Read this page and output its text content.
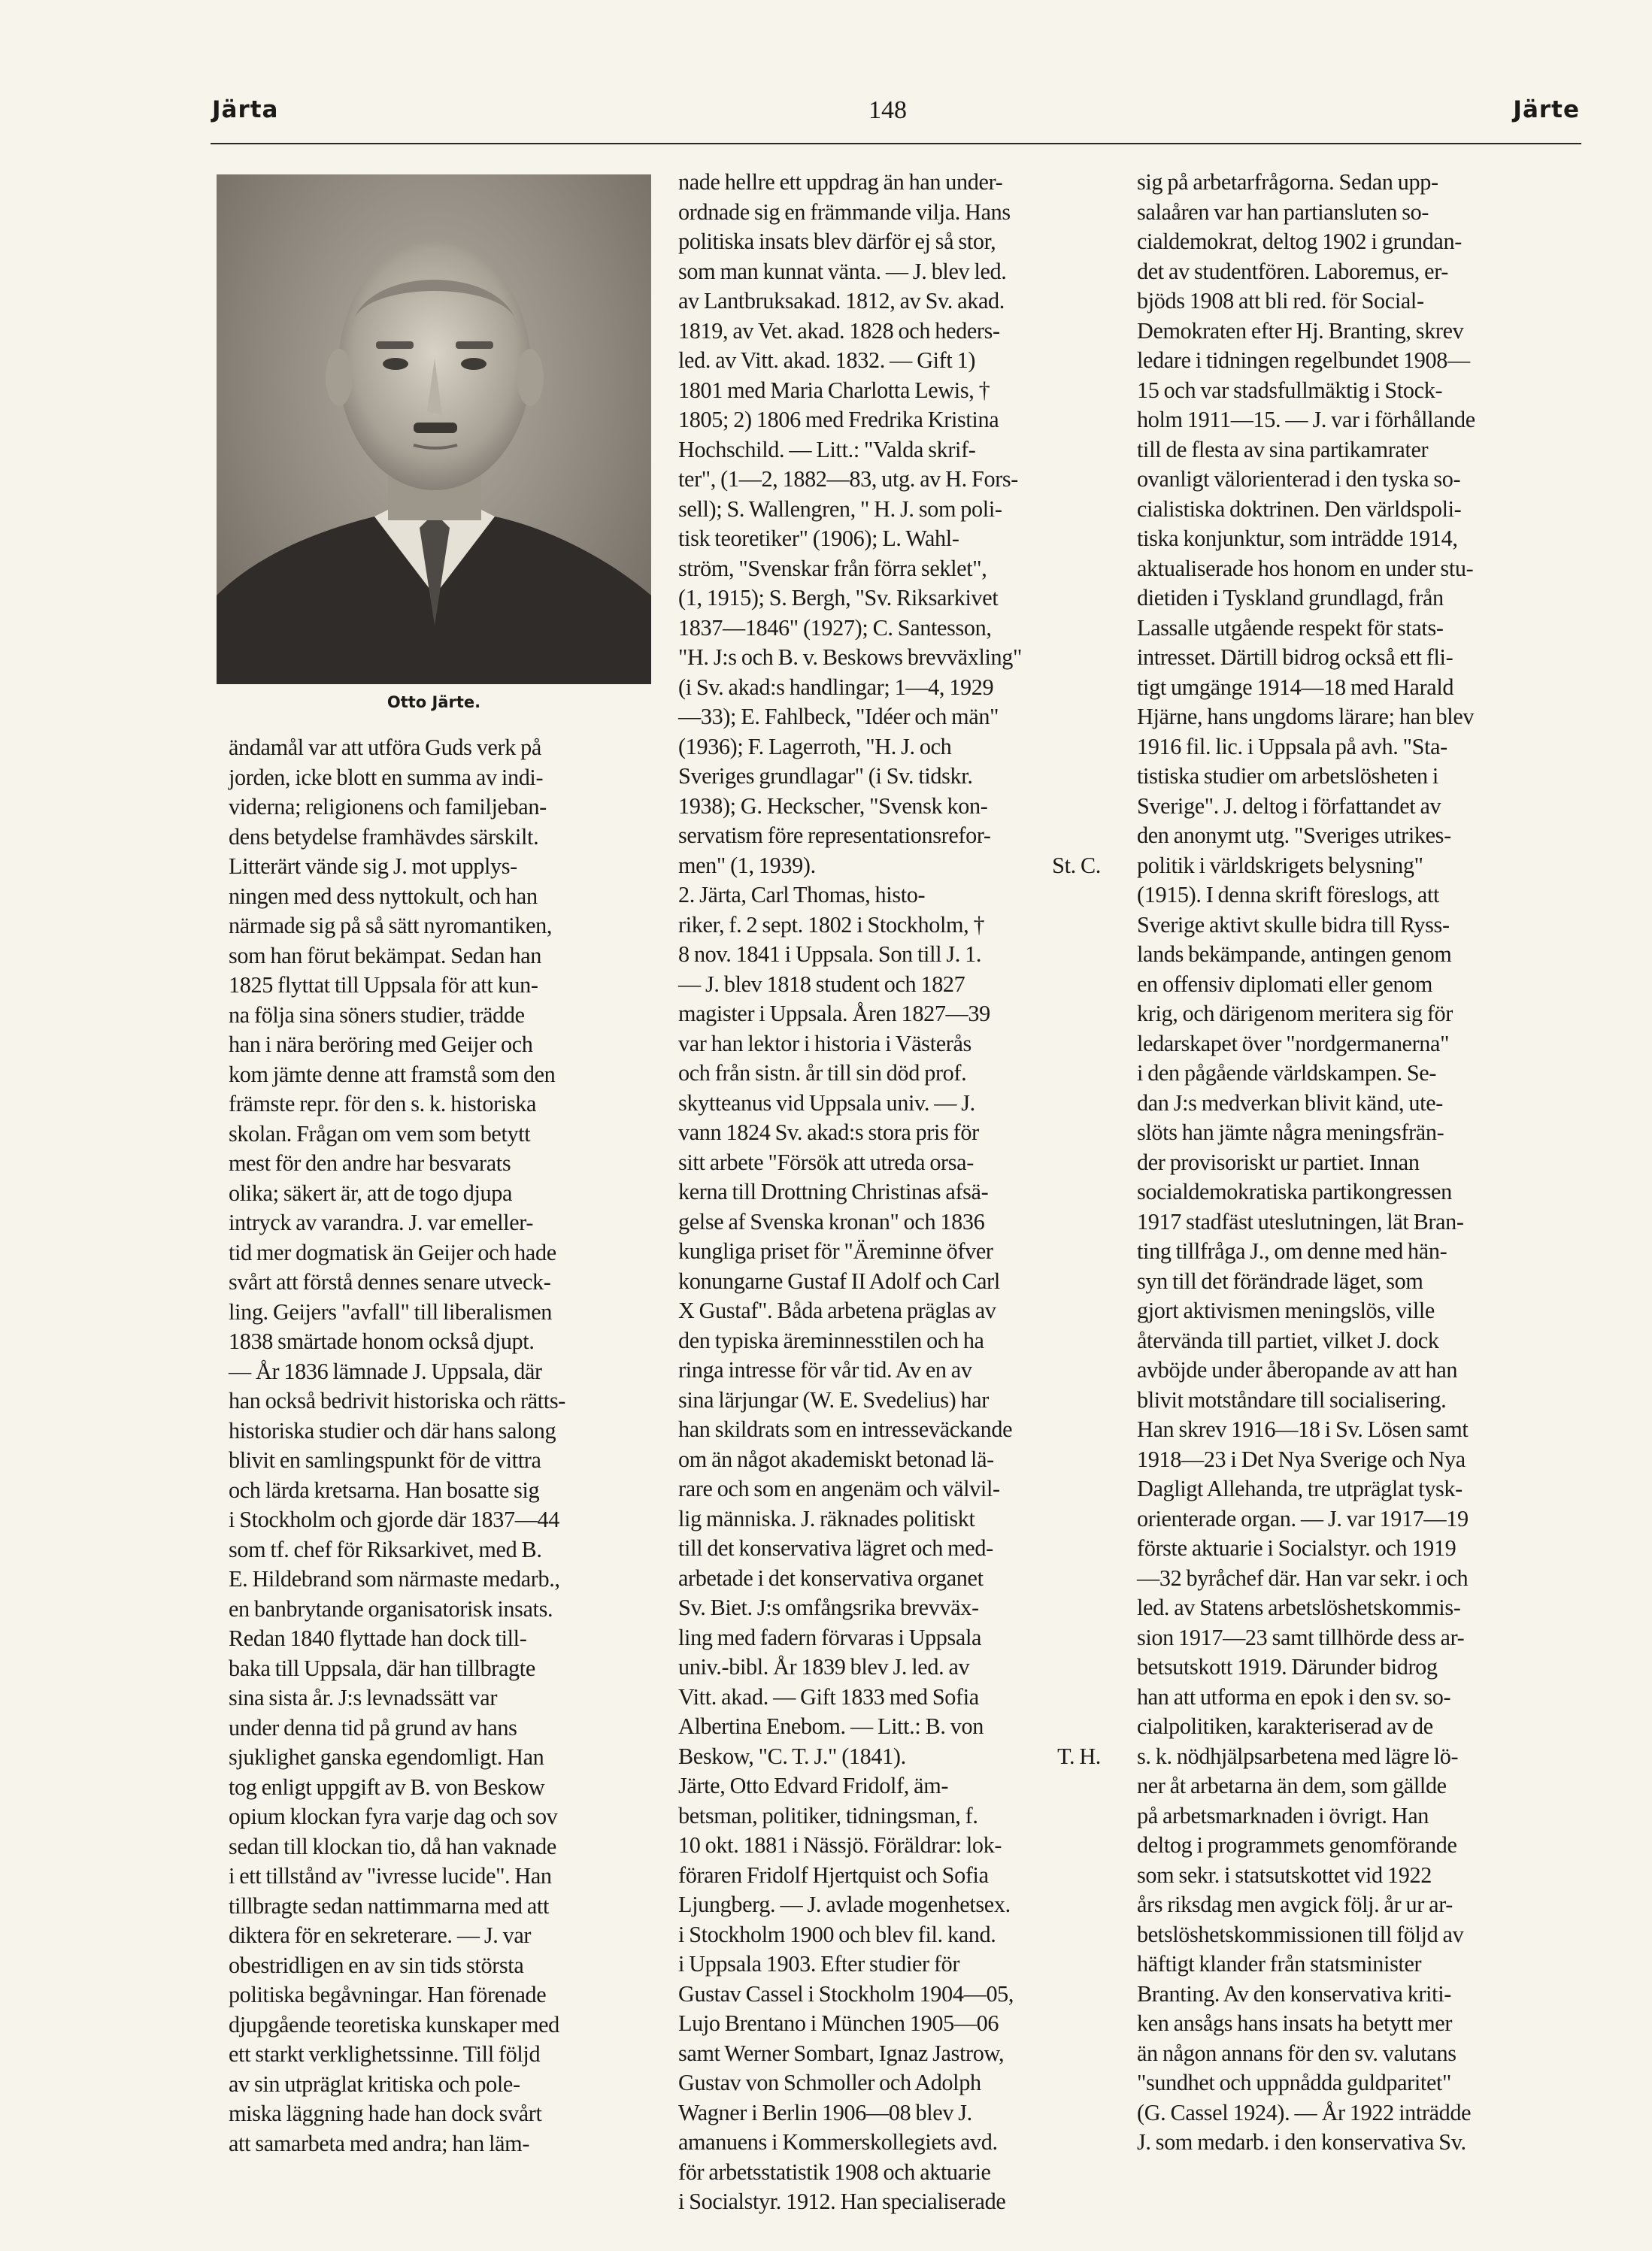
Järta	148	Järte
Otto Järte.

ändamål var att utföra Guds verk på

jorden, icke blott en summa av indi-

viderna; religionens och familjeban-

dens betydelse framhävdes särskilt.

Litterärt vände sig J. mot upplys-

ningen med dess nyttokult, och han

närmade sig på så sätt nyromantiken,

som han förut bekämpat. Sedan han

1825 flyttat till Uppsala för att kun-

na följa sina söners studier, trädde

han i nära beröring med Geijer och

kom jämte denne att framstå som den

främste repr. för den s. k. historiska

skolan. Frågan om vem som betytt

mest för den andre har besvarats

olika; säkert är, att de togo djupa

intryck av varandra. J. var emeller-

tid mer dogmatisk än Geijer och hade

svårt att förstå dennes senare utveck-

ling. Geijers "avfall" till liberalismen

1838 smärtade honom också djupt.

— År 1836 lämnade J. Uppsala, där

han också bedrivit historiska och rätts-

historiska studier och där hans salong

blivit en samlingspunkt för de vittra

och lärda kretsarna. Han bosatte sig

i Stockholm och gjorde där 1837—44

som tf. chef för Riksarkivet, med B.

E. Hildebrand som närmaste medarb.,

en banbrytande organisatorisk insats.

Redan 1840 flyttade han dock till-

baka till Uppsala, där han tillbragte

sina sista år. J:s levnadssätt var

under denna tid på grund av hans

sjuklighet ganska egendomligt. Han

tog enligt uppgift av B. von Beskow

opium klockan fyra varje dag och sov

sedan till klockan tio, då han vaknade

i ett tillstånd av "ivresse lucide". Han

tillbragte sedan nattimmarna med att

diktera för en sekreterare. — J. var

obestridligen en av sin tids största

politiska begåvningar. Han förenade

djupgående teoretiska kunskaper med

ett starkt verklighetssinne. Till följd

av sin utpräglat kritiska och pole-

miska läggning hade han dock svårt

att samarbeta med andra; han läm-

nade hellre ett uppdrag än han under-

ordnade sig en främmande vilja. Hans

politiska insats blev därför ej så stor,

som man kunnat vänta. — J. blev led.

av Lantbruksakad. 1812, av Sv. akad.

1819, av Vet. akad. 1828 och heders-

led. av Vitt. akad. 1832. — Gift 1)

1801 med Maria Charlotta Lewis, †

1805; 2) 1806 med Fredrika Kristina

Hochschild. — Litt.: "Valda skrif-

ter", (1—2, 1882—83, utg. av H. Fors-

sell); S. Wallengren, " H. J. som poli-

tisk teoretiker" (1906); L. Wahl-

ström, "Svenskar från förra seklet",

(1, 1915); S. Bergh, "Sv. Riksarkivet

1837—1846" (1927); C. Santesson,

"H. J:s och B. v. Beskows brevväxling"

(i Sv. akad:s handlingar; 1—4, 1929

—33); E. Fahlbeck, "Idéer och män"

(1936); F. Lagerroth, "H. J. och

Sveriges grundlagar" (i Sv. tidskr.

1938); G. Heckscher, "Svensk kon-

servatism före representationsrefor-

men" (1, 1939).	St. C.

2. Järta, Carl Thomas, histo-

riker, f. 2 sept. 1802 i Stockholm, †

8 nov. 1841 i Uppsala. Son till J. 1.

— J. blev 1818 student och 1827

magister i Uppsala. Åren 1827—39

var han lektor i historia i Västerås

och från sistn. år till sin död prof.

skytteanus vid Uppsala univ. — J.

vann 1824 Sv. akad:s stora pris för

sitt arbete "Försök att utreda orsa-

kerna till Drottning Christinas afsä-

gelse af Svenska kronan" och 1836

kungliga priset för "Äreminne öfver

konungarne Gustaf II Adolf och Carl

X Gustaf". Båda arbetena präglas av

den typiska äreminnesstilen och ha

ringa intresse för vår tid. Av en av

sina lärjungar (W. E. Svedelius) har

han skildrats som en intresseväckande

om än något akademiskt betonad lä-

rare och som en angenäm och välvil-

lig människa. J. räknades politiskt

till det konservativa lägret och med-

arbetade i det konservativa organet

Sv. Biet. J:s omfångsrika brevväx-

ling med fadern förvaras i Uppsala

univ.-bibl. År 1839 blev J. led. av

Vitt. akad. — Gift 1833 med Sofia

Albertina Enebom. — Litt.: B. von

Beskow, "C. T. J." (1841).	T. H.

Järte, Otto Edvard Fridolf, äm-

betsman, politiker, tidningsman, f.

10 okt. 1881 i Nässjö. Föräldrar: lok-

föraren Fridolf Hjertquist och Sofia

Ljungberg. — J. avlade mogenhetsex.

i Stockholm 1900 och blev fil. kand.

i Uppsala 1903. Efter studier för

Gustav Cassel i Stockholm 1904—05,

Lujo Brentano i München 1905—06

samt Werner Sombart, Ignaz Jastrow,

Gustav von Schmoller och Adolph

Wagner i Berlin 1906—08 blev J.

amanuens i Kommerskollegiets avd.

för arbetsstatistik 1908 och aktuarie

i Socialstyr. 1912. Han specialiserade

sig på arbetarfrågorna. Sedan upp-

salaåren var han partiansluten so-

cialdemokrat, deltog 1902 i grundan-

det av studentfören. Laboremus, er-

bjöds 1908 att bli red. för Social-

Demokraten efter Hj. Branting, skrev

ledare i tidningen regelbundet 1908—

15 och var stadsfullmäktig i Stock-

holm 1911—15. — J. var i förhållande

till de flesta av sina partikamrater

ovanligt välorienterad i den tyska so-

cialistiska doktrinen. Den världspoli-

tiska konjunktur, som inträdde 1914,

aktualiserade hos honom en under stu-

dietiden i Tyskland grundlagd, från

Lassalle utgående respekt för stats-

intresset. Därtill bidrog också ett fli-

tigt umgänge 1914—18 med Harald

Hjärne, hans ungdoms lärare; han blev

1916 fil. lic. i Uppsala på avh. "Sta-

tistiska studier om arbetslösheten i

Sverige". J. deltog i författandet av

den anonymt utg. "Sveriges utrikes-

politik i världskrigets belysning"

(1915). I denna skrift föreslogs, att

Sverige aktivt skulle bidra till Ryss-

lands bekämpande, antingen genom

en offensiv diplomati eller genom

krig, och därigenom meritera sig för

ledarskapet över "nordgermanerna"

i den pågående världskampen. Se-

dan J:s medverkan blivit känd, ute-

slöts han jämte några meningsfrän-

der provisoriskt ur partiet. Innan

socialdemokratiska partikongressen

1917 stadfäst uteslutningen, lät Bran-

ting tillfråga J., om denne med hän-

syn till det förändrade läget, som

gjort aktivismen meningslös, ville

återvända till partiet, vilket J. dock

avböjde under åberopande av att han

blivit motståndare till socialisering.

Han skrev 1916—18 i Sv. Lösen samt

1918—23 i Det Nya Sverige och Nya

Dagligt Allehanda, tre utpräglat tysk-

orienterade organ. — J. var 1917—19

förste aktuarie i Socialstyr. och 1919

—32 byråchef där. Han var sekr. i och

led. av Statens arbetslöshetskommis-

sion 1917—23 samt tillhörde dess ar-

betsutskott 1919. Därunder bidrog

han att utforma en epok i den sv. so-

cialpolitiken, karakteriserad av de

s. k. nödhjälpsarbetena med lägre lö-

ner åt arbetarna än dem, som gällde

på arbetsmarknaden i övrigt. Han

deltog i programmets genomförande

som sekr. i statsutskottet vid 1922

års riksdag men avgick följ. år ur ar-

betslöshetskommissionen till följd av

häftigt klander från statsminister

Branting. Av den konservativa kriti-

ken ansågs hans insats ha betytt mer

än någon annans för den sv. valutans

"sundhet och uppnådda guldparitet"

(G. Cassel 1924). — År 1922 inträdde

J. som medarb. i den konservativa Sv.
